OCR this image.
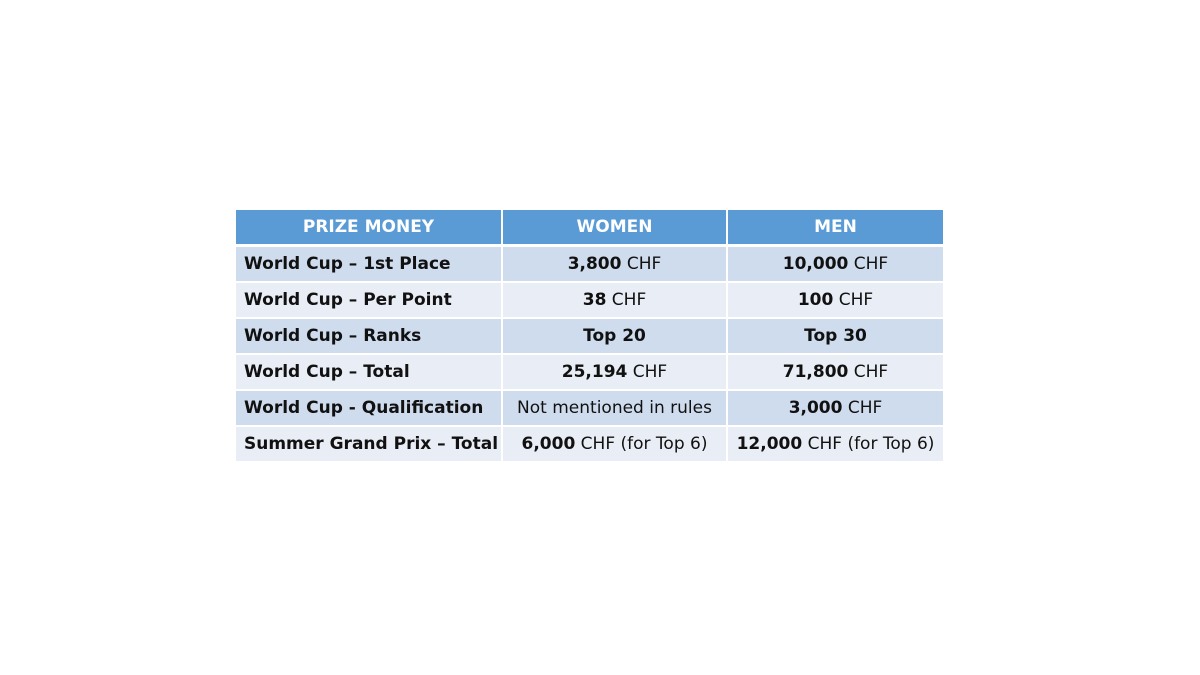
PRIZE MONEY	WOMEN	MEN
World Cup – 1st Place	3,800 CHF	10,000 CHF
World Cup – Per Point	38 CHF	100 CHF
World Cup – Ranks	Top 20	Top 30
World Cup – Total	25,194 CHF	71,800 CHF
World Cup - Qualification	Not mentioned in rules	3,000 CHF
Summer Grand Prix – Total	6,000 CHF (for Top 6)	12,000 CHF (for Top 6)
